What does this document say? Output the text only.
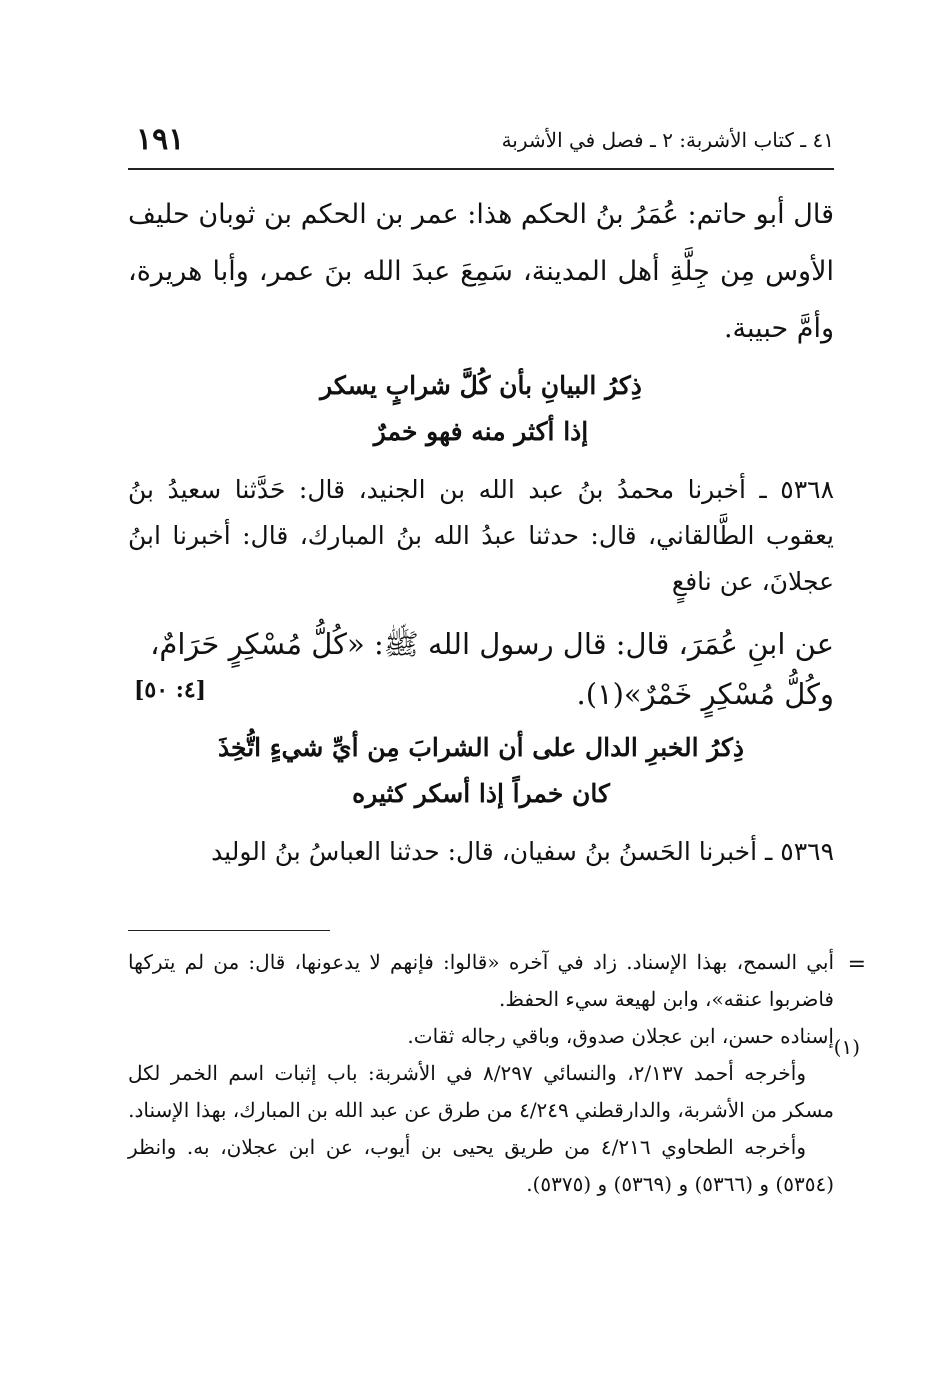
٤١ ـ كتاب الأشربة: ٢ ـ فصل في الأشربة
١٩١

قال أبو حاتم: عُمَرُ بنُ الحكم هذا: عمر بن الحكم بن ثوبان حليف الأوس مِن جِلَّةِ أهل المدينة، سَمِعَ عبدَ الله بنَ عمر، وأبا هريرة، وأمَّ حبيبة.

ذِكرُ البيانِ بأن كُلَّ شرابٍ يسكر
إذا أكثر منه فهو خمرٌ

٥٣٦٨ ـ أخبرنا محمدُ بنُ عبد الله بن الجنيد، قال: حَدَّثنا سعيدُ بنُ يعقوب الطَّالقاني، قال: حدثنا عبدُ الله بنُ المبارك، قال: أخبرنا ابنُ عجلانَ، عن نافعٍ

عن ابنِ عُمَرَ، قال: قال رسول الله ﷺ: «كُلُّ مُسْكِرٍ حَرَامٌ، وكُلُّ مُسْكِرٍ خَمْرٌ»(١).
[٤: ٥٠]
ذِكرُ الخبرِ الدال على أن الشرابَ مِن أيِّ شيءٍ اتُّخِذَ
كان خمراً إذا أسكر كثيره

٥٣٦٩ ـ أخبرنا الحَسنُ بنُ سفيان، قال: حدثنا العباسُ بنُ الوليد

=
(١)

أبي السمح، بهذا الإسناد. زاد في آخره «قالوا: فإنهم لا يدعونها، قال: من لم يتركها فاضربوا عنقه»، وابن لهيعة سيء الحفظ.

إسناده حسن، ابن عجلان صدوق، وباقي رجاله ثقات.

وأخرجه أحمد ٢/١٣٧، والنسائي ٨/٢٩٧ في الأشربة: باب إثبات اسم الخمر لكل مسكر من الأشربة، والدارقطني ٤/٢٤٩ من طرق عن عبد الله بن المبارك، بهذا الإسناد.

وأخرجه الطحاوي ٤/٢١٦ من طريق يحيى بن أيوب، عن ابن عجلان، به. وانظر (٥٣٥٤) و (٥٣٦٦) و (٥٣٦٩) و (٥٣٧٥).
